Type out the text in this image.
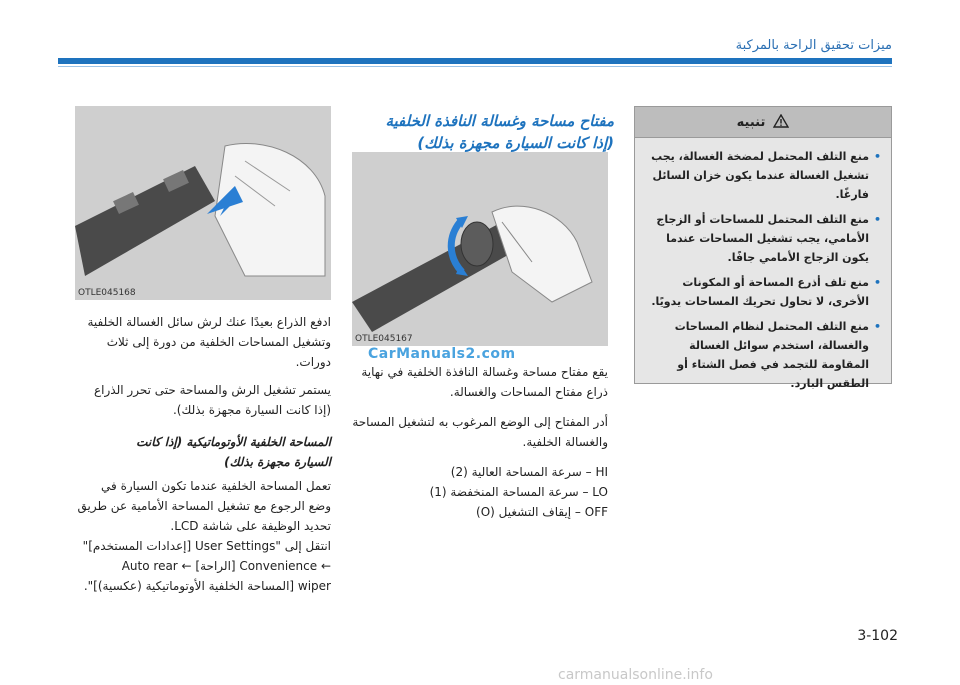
ميزات تحقيق الراحة بالمركبة
تنبيه
• منع التلف المحتمل لمضخة الغسالة، يجب تشغيل الغسالة عندما يكون خزان السائل فارغًا.
• منع التلف المحتمل للمساحات أو الزجاج الأمامي، يجب تشغيل المساحات عندما يكون الزجاج الأمامي جافًا.
• منع تلف أذرع المساحة أو المكونات الأخرى، لا تحاول تحريك المساحات يدويًا.
• منع التلف المحتمل لنظام المساحات والغسالة، استخدم سوائل الغسالة المقاومة للتجمد في فصل الشتاء أو الطقس البارد.
مفتاح مساحة وغسالة النافذة الخلفية
(إذا كانت السيارة مجهزة بذلك)
OTLE045167

يقع مفتاح مساحة وغسالة النافذة الخلفية في نهاية ذراع مفتاح المساحات والغسالة.

أدر المفتاح إلى الوضع المرغوب به لتشغيل المساحة والغسالة الخلفية.

HI – سرعة المساحة العالية (2)
LO – سرعة المساحة المنخفضة (1)
OFF – إيقاف التشغيل (O)
OTLE045168

ادفع الذراع بعيدًا عنك لرش سائل الغسالة الخلفية وتشغيل المساحات الخلفية من دورة إلى ثلاث دورات.

يستمر تشغيل الرش والمساحة حتى تحرر الذراع (إذا كانت السيارة مجهزة بذلك).

المساحة الخلفية الأوتوماتيكية (إذا كانت
السيارة مجهزة بذلك)
تعمل المساحة الخلفية عندما تكون السيارة في وضع الرجوع مع تشغيل المساحة الأمامية عن طريق
تحديد الوظيفة على شاشة LCD.
انتقل إلى "User Settings [إعدادات المستخدم]"
← Convenience [الراحة] ← Auto rear
wiper [المساحة الخلفية الأوتوماتيكية (عكسية)]".
CarManuals2.com
3-102
carmanualsonline.info
